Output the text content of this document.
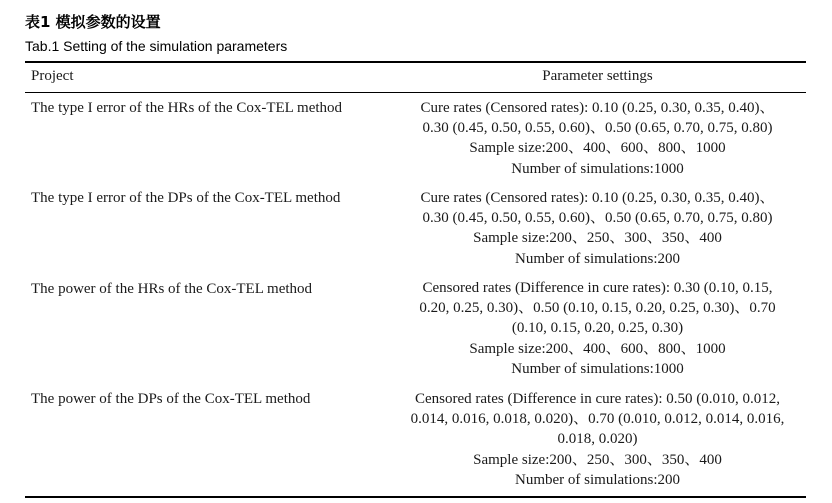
表1 模拟参数的设置
Tab.1 Setting of the simulation parameters
Project	Parameter settings
The type I error of the HRs of the Cox-TEL method	Cure rates (Censored rates): 0.10 (0.25, 0.30, 0.35, 0.40)、
0.30 (0.45, 0.50, 0.55, 0.60)、0.50 (0.65, 0.70, 0.75, 0.80)
Sample size:200、400、600、800、1000
Number of simulations:1000
The type I error of the DPs of the Cox-TEL method	Cure rates (Censored rates): 0.10 (0.25, 0.30, 0.35, 0.40)、
0.30 (0.45, 0.50, 0.55, 0.60)、0.50 (0.65, 0.70, 0.75, 0.80)
Sample size:200、250、300、350、400
Number of simulations:200
The power of the HRs of the Cox-TEL method	Censored rates (Difference in cure rates): 0.30 (0.10, 0.15,
0.20, 0.25, 0.30)、0.50 (0.10, 0.15, 0.20, 0.25, 0.30)、0.70
(0.10, 0.15, 0.20, 0.25, 0.30)
Sample size:200、400、600、800、1000
Number of simulations:1000
The power of the DPs of the Cox-TEL method	Censored rates (Difference in cure rates): 0.50 (0.010, 0.012,
0.014, 0.016, 0.018, 0.020)、0.70 (0.010, 0.012, 0.014, 0.016,
0.018, 0.020)
Sample size:200、250、300、350、400
Number of simulations:200
